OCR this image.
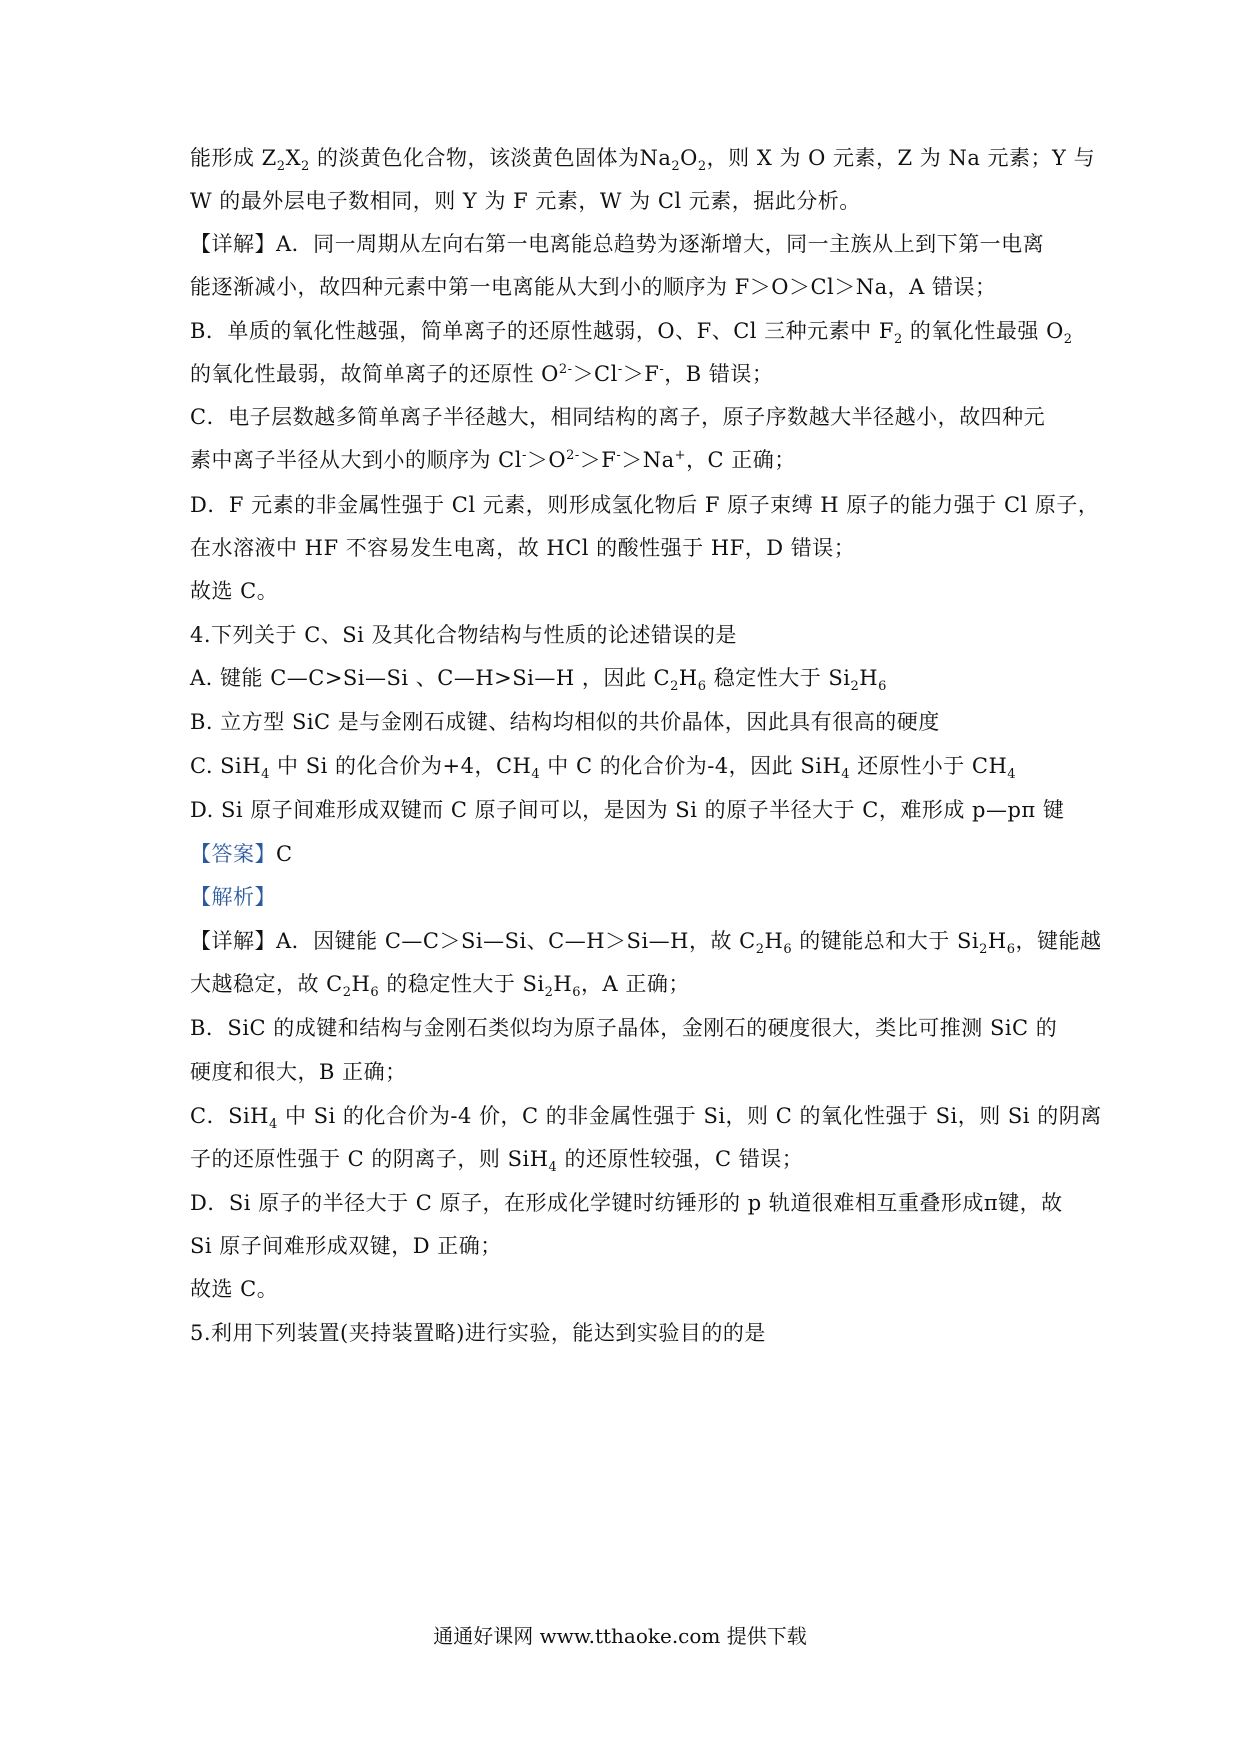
能形成 $Z_2X_2$ 的淡黄色化合物，该淡黄色固体为$Na_2O_2$，则 X 为 O 元素，Z 为 Na 元素；Y 与
W 的最外层电子数相同，则 Y 为 F 元素，W 为 Cl 元素，据此分析。
【详解】A．同一周期从左向右第一电离能总趋势为逐渐增大，同一主族从上到下第一电离
能逐渐减小，故四种元素中第一电离能从大到小的顺序为 F＞O＞Cl＞Na，A 错误；
B．单质的氧化性越强，简单离子的还原性越弱，O、F、Cl 三种元素中 $F_2$ 的氧化性最强 $O_2$
的氧化性最弱，故简单离子的还原性 $O^{2-}>Cl^->F^-$，B 错误；
C．电子层数越多简单离子半径越大，相同结构的离子，原子序数越大半径越小，故四种元
素中离子半径从大到小的顺序为 $Cl^->O^{2-}>F^->Na^+$，C 正确；
D．F 元素的非金属性强于 Cl 元素，则形成氢化物后 F 原子束缚 H 原子的能力强于 Cl 原子，
在水溶液中 HF 不容易发生电离，故 HCl 的酸性强于 HF，D 错误；
故选 C。
4.下列关于 C、Si 及其化合物结构与性质的论述错误的是
A. 键能 C—C>Si—Si 、C—H>Si—H ，因此 $C_2H_6$ 稳定性大于 $Si_2H_6$
B. 立方型 SiC 是与金刚石成键、结构均相似的共价晶体，因此具有很高的硬度
C. SiH$_4$ 中 Si 的化合价为+4，$CH_4$ 中 C 的化合价为-4，因此 SiH$_4$ 还原性小于 $CH_4$
D. Si 原子间难形成双键而 C 原子间可以，是因为 Si 的原子半径大于 C，难形成 p—pπ 键
【答案】C
【解析】
【详解】A．因键能 C—C＞Si—Si、C—H＞Si—H，故 $C_2H_6$ 的键能总和大于 $Si_2H_6$，键能越
大越稳定，故 $C_2H_6$ 的稳定性大于 $Si_2H_6$，A 正确；
B．SiC 的成键和结构与金刚石类似均为原子晶体，金刚石的硬度很大，类比可推测 SiC 的
硬度和很大，B 正确；
C．SiH$_4$ 中 Si 的化合价为-4 价，C 的非金属性强于 Si，则 C 的氧化性强于 Si，则 Si 的阴离
子的还原性强于 C 的阴离子，则 SiH$_4$ 的还原性较强，C 错误；
D．Si 原子的半径大于 C 原子，在形成化学键时纺锤形的 p 轨道很难相互重叠形成π键，故
Si 原子间难形成双键，D 正确；
故选 C。
5.利用下列装置(夹持装置略)进行实验，能达到实验目的的是
通通好课网 www.tthaoke.com 提供下载
